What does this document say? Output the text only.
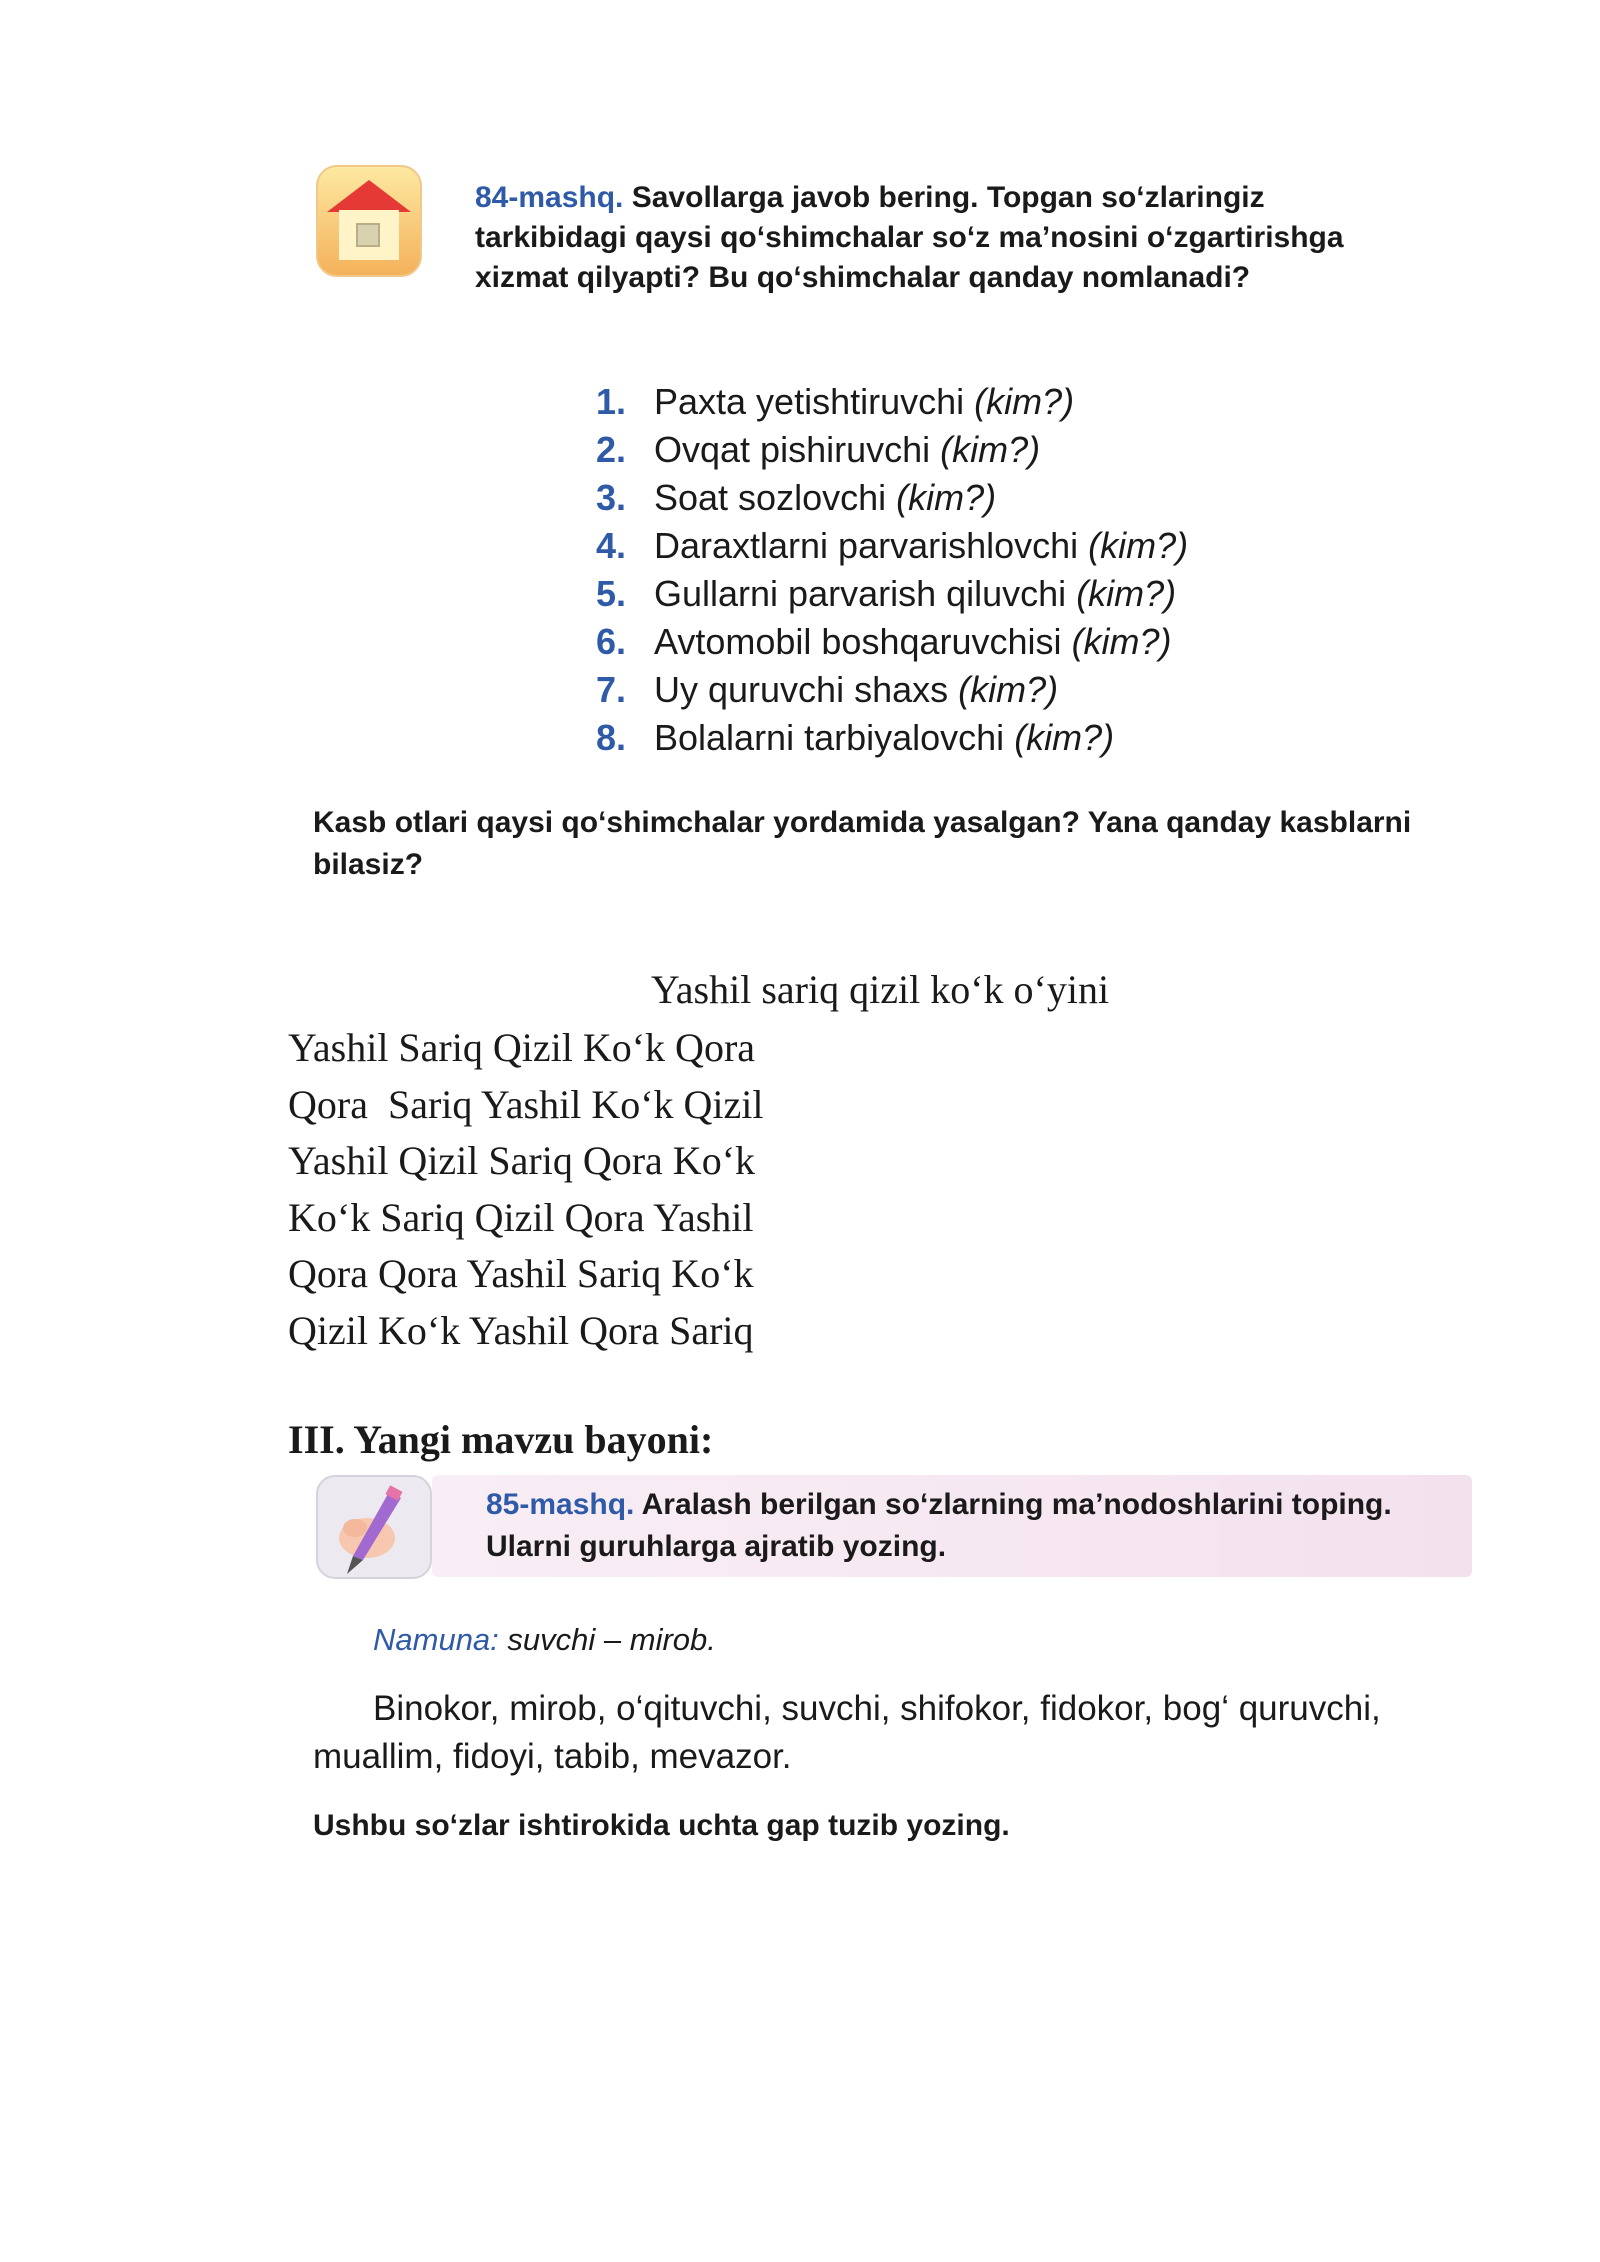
84-mashq. Savollarga javob bering. Topgan so‘zlaringiz tarkibidagi qaysi qo‘shimchalar so‘z ma’nosini o‘zgartirishga xizmat qilyapti? Bu qo‘shimchalar qanday nomlanadi?
1. Paxta yetishtiruvchi (kim?)
2. Ovqat pishiruvchi (kim?)
3. Soat sozlovchi (kim?)
4. Daraxtlarni parvarishlovchi (kim?)
5. Gullarni parvarish qiluvchi (kim?)
6. Avtomobil boshqaruvchisi (kim?)
7. Uy quruvchi shaxs (kim?)
8. Bolalarni tarbiyalovchi (kim?)
Kasb otlari qaysi qo‘shimchalar yordamida yasalgan? Yana qanday kasblarni bilasiz?
Yashil sariq qizil ko‘k o‘yini
Yashil Sariq Qizil Ko‘k Qora
Qora  Sariq Yashil Ko‘k Qizil
Yashil Qizil Sariq Qora Ko‘k
Ko‘k Sariq Qizil Qora Yashil
Qora Qora Yashil Sariq Ko‘k
Qizil Ko‘k Yashil Qora Sariq
III. Yangi mavzu bayoni:
85-mashq. Aralash berilgan so‘zlarning ma’nodoshlarini toping. Ularni guruhlarga ajratib yozing.
Namuna: suvchi – mirob.
Binokor, mirob, o‘qituvchi, suvchi, shifokor, fidokor, bog‘ quruvchi, muallim, fidoyi, tabib, mevazor.
Ushbu so‘zlar ishtirokida uchta gap tuzib yozing.
